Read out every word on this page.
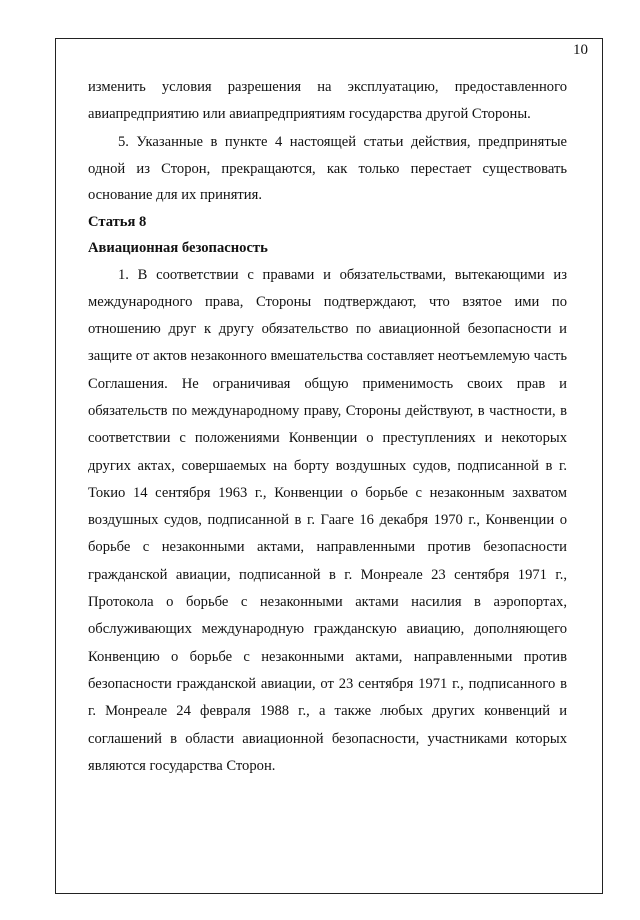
10

изменить условия разрешения на эксплуатацию, предоставленного авиапредприятию или авиапредприятиям государства другой Стороны.

5. Указанные в пункте 4 настоящей статьи действия, предпринятые одной из Сторон, прекращаются, как только перестает существовать основание для их принятия.

Статья 8

Авиационная безопасность

1. В соответствии с правами и обязательствами, вытекающими из международного права, Стороны подтверждают, что взятое ими по отношению друг к другу обязательство по авиационной безопасности и защите от актов незаконного вмешательства составляет неотъемлемую часть Соглашения. Не ограничивая общую применимость своих прав и обязательств по международному праву, Стороны действуют, в частности, в соответствии с положениями Конвенции о преступлениях и некоторых других актах, совершаемых на борту воздушных судов, подписанной в г. Токио 14 сентября 1963 г., Конвенции о борьбе с незаконным захватом воздушных судов, подписанной в г. Гааге 16 декабря 1970 г., Конвенции о борьбе с незаконными актами, направленными против безопасности гражданской авиации, подписанной в г. Монреале 23 сентября 1971 г., Протокола о борьбе с незаконными актами насилия в аэропортах, обслуживающих международную гражданскую авиацию, дополняющего Конвенцию о борьбе с незаконными актами, направленными против безопасности гражданской авиации, от 23 сентября 1971 г., подписанного в г. Монреале 24 февраля 1988 г., а также любых других конвенций и соглашений в области авиационной безопасности, участниками которых являются государства Сторон.
